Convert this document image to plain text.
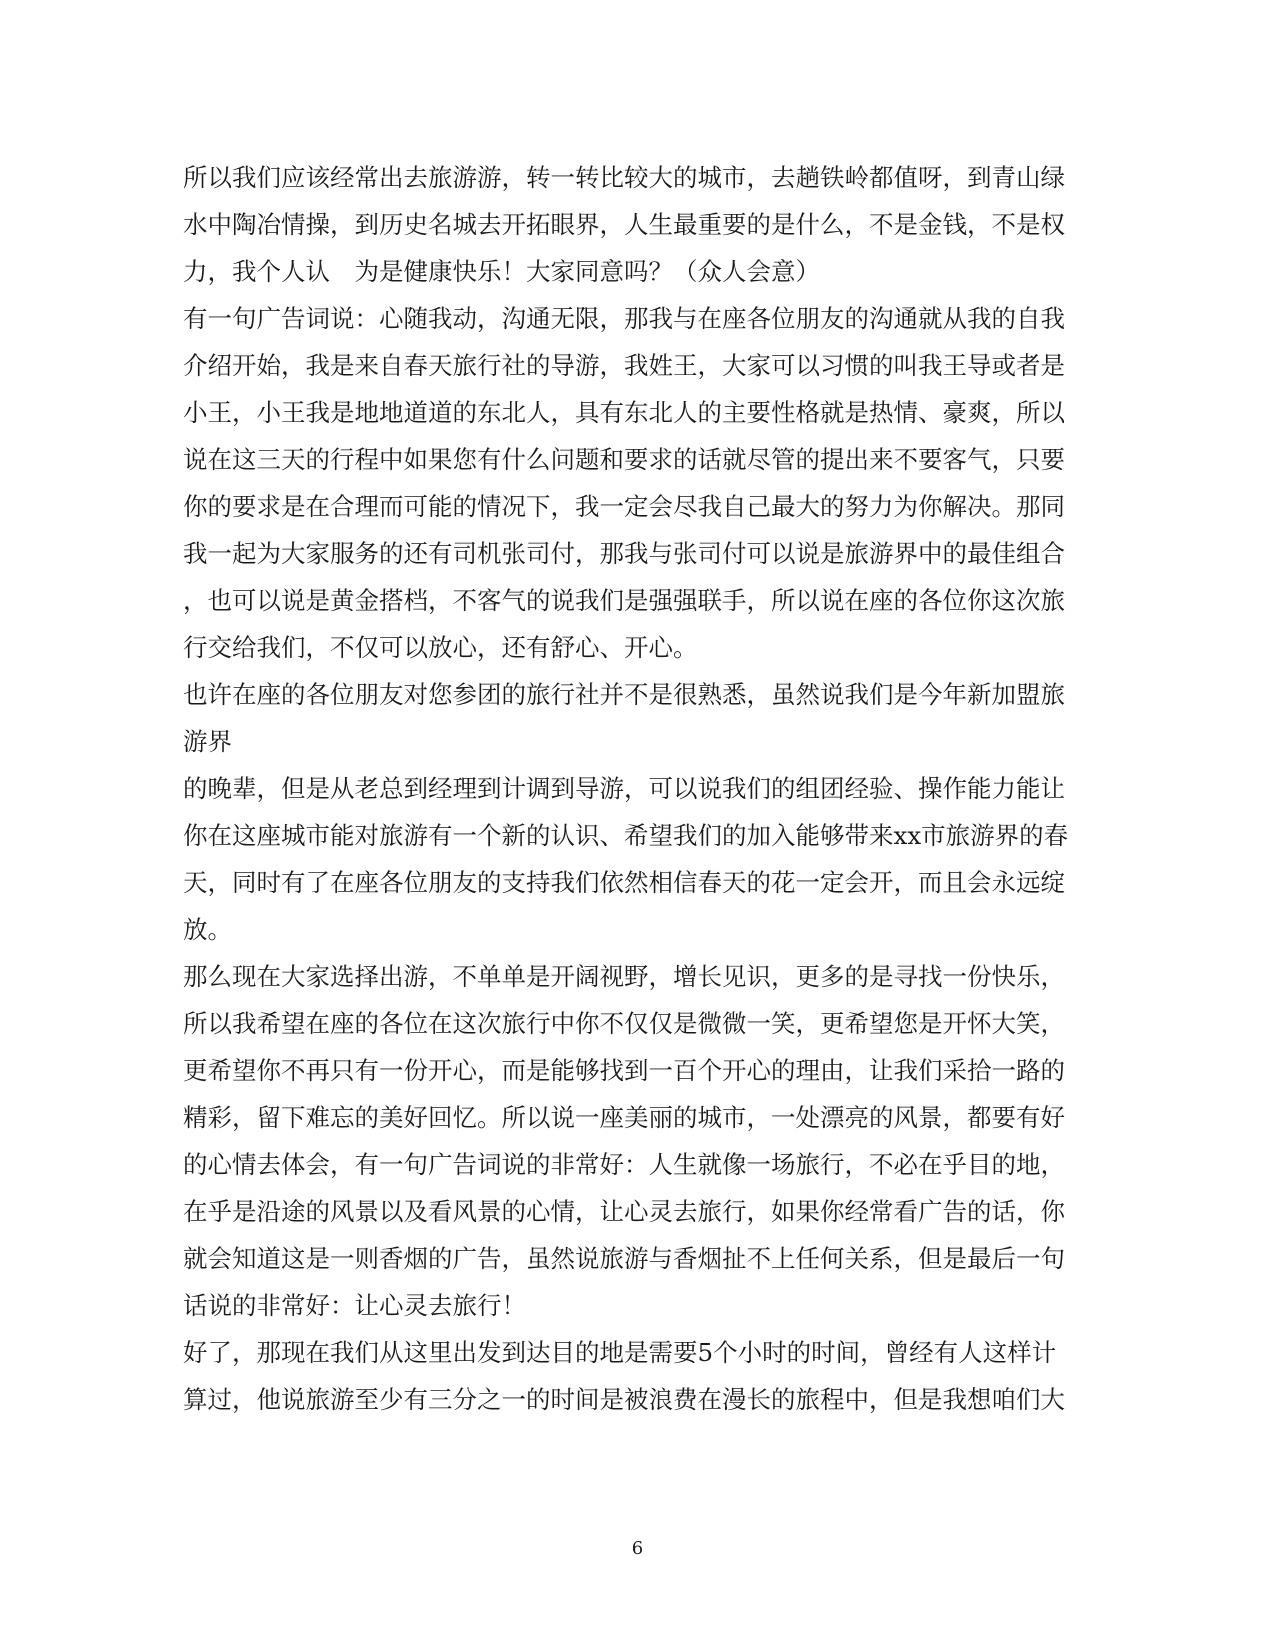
所以我们应该经常出去旅游游，转一转比较大的城市，去趟铁岭都值呀，到青山绿
水中陶冶情操，到历史名城去开拓眼界，人生最重要的是什么，不是金钱，不是权
力，我个人认　为是健康快乐！大家同意吗？（众人会意）
有一句广告词说：心随我动，沟通无限，那我与在座各位朋友的沟通就从我的自我
介绍开始，我是来自春天旅行社的导游，我姓王，大家可以习惯的叫我王导或者是
小王，小王我是地地道道的东北人，具有东北人的主要性格就是热情、豪爽，所以
说在这三天的行程中如果您有什么问题和要求的话就尽管的提出来不要客气，只要
你的要求是在合理而可能的情况下，我一定会尽我自己最大的努力为你解决。那同
我一起为大家服务的还有司机张司付，那我与张司付可以说是旅游界中的最佳组合
，也可以说是黄金搭档，不客气的说我们是强强联手，所以说在座的各位你这次旅
行交给我们，不仅可以放心，还有舒心、开心。
也许在座的各位朋友对您参团的旅行社并不是很熟悉，虽然说我们是今年新加盟旅
游界
的晚辈，但是从老总到经理到计调到导游，可以说我们的组团经验、操作能力能让
你在这座城市能对旅游有一个新的认识、希望我们的加入能够带来xx市旅游界的春
天，同时有了在座各位朋友的支持我们依然相信春天的花一定会开，而且会永远绽
放。
那么现在大家选择出游，不单单是开阔视野，增长见识，更多的是寻找一份快乐，
所以我希望在座的各位在这次旅行中你不仅仅是微微一笑，更希望您是开怀大笑，
更希望你不再只有一份开心，而是能够找到一百个开心的理由，让我们采拾一路的
精彩，留下难忘的美好回忆。所以说一座美丽的城市，一处漂亮的风景，都要有好
的心情去体会，有一句广告词说的非常好：人生就像一场旅行，不必在乎目的地，
在乎是沿途的风景以及看风景的心情，让心灵去旅行，如果你经常看广告的话，你
就会知道这是一则香烟的广告，虽然说旅游与香烟扯不上任何关系，但是最后一句
话说的非常好：让心灵去旅行！
好了，那现在我们从这里出发到达目的地是需要5个小时的时间，曾经有人这样计
算过，他说旅游至少有三分之一的时间是被浪费在漫长的旅程中，但是我想咱们大
6
